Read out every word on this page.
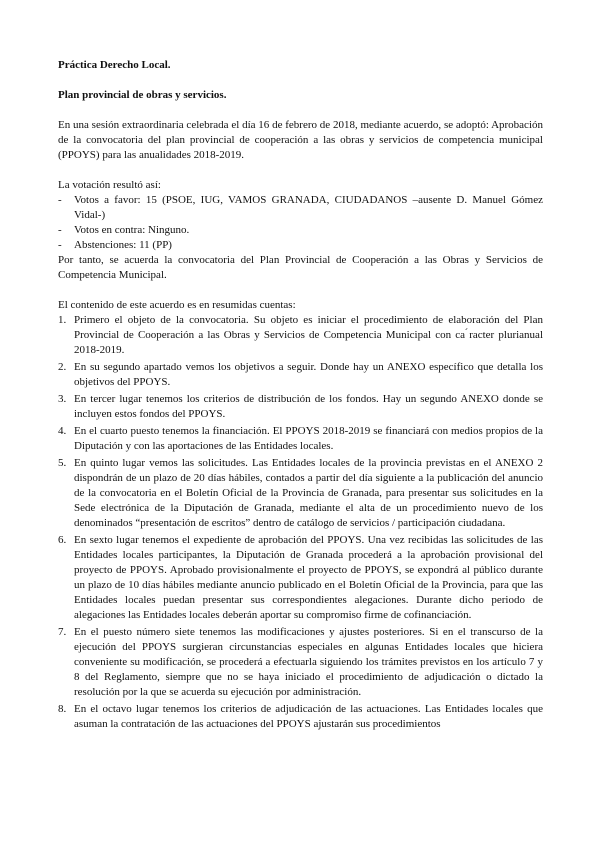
Práctica Derecho Local.

Plan provincial de obras y servicios.

En una sesión extraordinaria celebrada el día 16 de febrero de 2018, mediante acuerdo, se adoptó: Aprobación de la convocatoria del plan provincial de cooperación a las obras y servicios de competencia municipal (PPOYS) para las anualidades 2018-2019.

La votación resultó así:

- Votos a favor: 15 (PSOE, IUG, VAMOS GRANADA, CIUDADANOS –ausente D. Manuel Gómez Vidal-)
- Votos en contra: Ninguno.
- Abstenciones: 11 (PP)

Por tanto, se acuerda la convocatoria del Plan Provincial de Cooperación a las Obras y Servicios de Competencia Municipal.

El contenido de este acuerdo es en resumidas cuentas:

1. Primero el objeto de la convocatoria. Su objeto es iniciar el procedimiento de elaboración del Plan Provincial de Cooperación a las Obras y Servicios de Competencia Municipal con ca ́racter plurianual 2018-2019.
2. En su segundo apartado vemos los objetivos a seguir. Donde hay un ANEXO específico que detalla los objetivos del PPOYS.
3. En tercer lugar tenemos los criterios de distribución de los fondos. Hay un segundo ANEXO donde se incluyen estos fondos del PPOYS.
4. En el cuarto puesto tenemos la financiación. El PPOYS 2018-2019 se financiará con medios propios de la Diputación y con las aportaciones de las Entidades locales.
5. En quinto lugar vemos las solicitudes. Las Entidades locales de la provincia previstas en el ANEXO 2 dispondrán de un plazo de 20 días hábiles, contados a partir del día siguiente a la publicación del anuncio de la convocatoria en el Boletín Oficial de la Provincia de Granada, para presentar sus solicitudes en la Sede electrónica de la Diputación de Granada, mediante el alta de un procedimiento nuevo de los denominados “presentación de escritos” dentro de catálogo de servicios / participación ciudadana.
6. En sexto lugar tenemos el expediente de aprobación del PPOYS. Una vez recibidas las solicitudes de las Entidades locales participantes, la Diputación de Granada procederá a la aprobación provisional del proyecto de PPOYS. Aprobado provisionalmente el proyecto de PPOYS, se expondrá al público durante un plazo de 10 días hábiles mediante anuncio publicado en el Boletín Oficial de la Provincia, para que las Entidades locales puedan presentar sus correspondientes alegaciones. Durante dicho periodo de alegaciones las Entidades locales deberán aportar su compromiso firme de cofinanciación.
7. En el puesto número siete tenemos las modificaciones y ajustes posteriores. Si en el transcurso de la ejecución del PPOYS surgieran circunstancias especiales en algunas Entidades locales que hiciera conveniente su modificación, se procederá a efectuarla siguiendo los trámites previstos en los artículo 7 y 8 del Reglamento, siempre que no se haya iniciado el procedimiento de adjudicación o dictado la resolución por la que se acuerda su ejecución por administración.
8. En el octavo lugar tenemos los criterios de adjudicación de las actuaciones. Las Entidades locales que asuman la contratación de las actuaciones del PPOYS ajustarán sus procedimientos
